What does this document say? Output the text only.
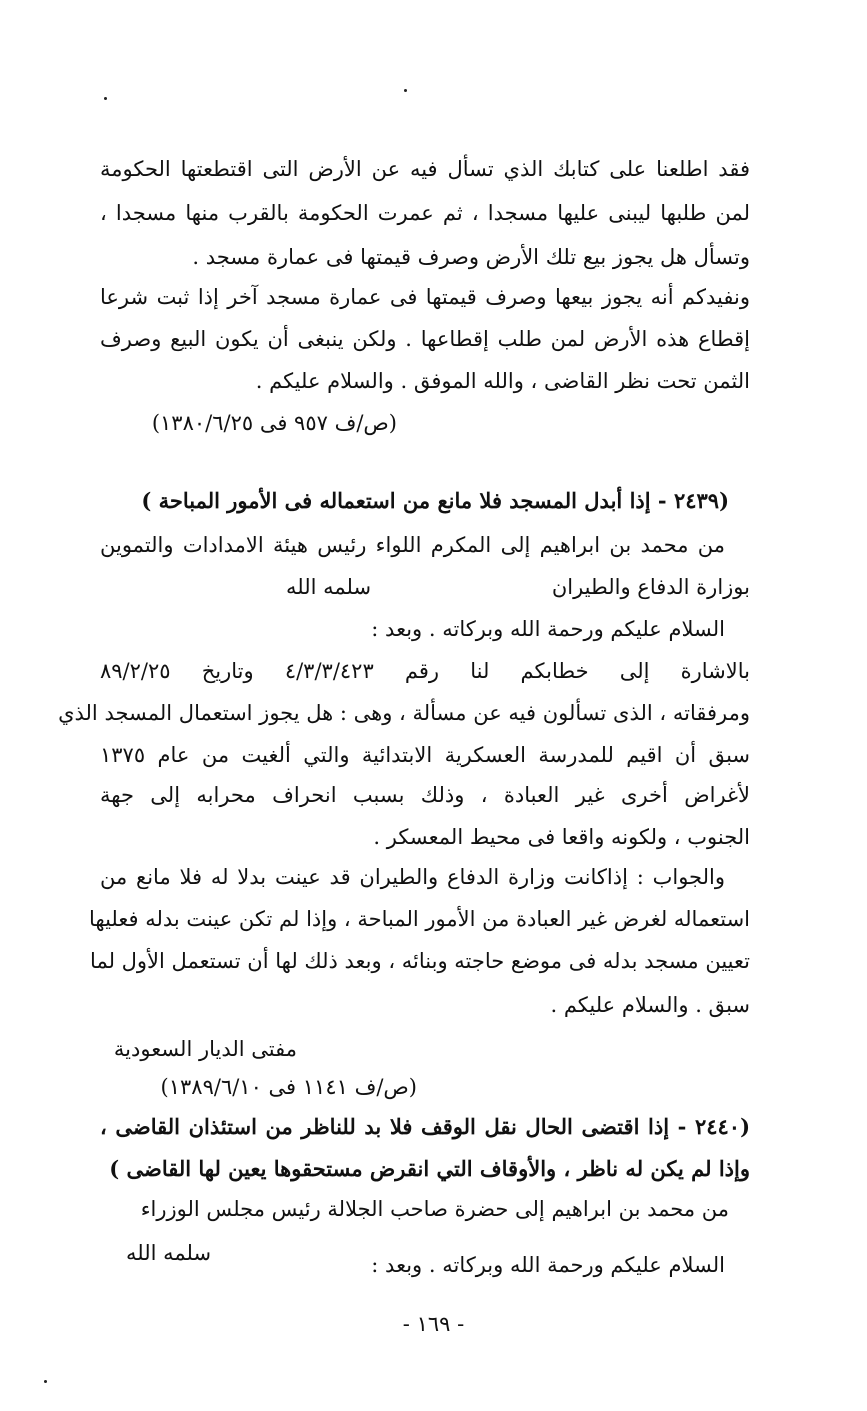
فقد اطلعنا على كتابك الذي تسأل فيه عن الأرض التى اقتطعتها الحكومة
لمن طلبها ليبنى عليها مسجدا ، ثم عمرت الحكومة بالقرب منها مسجدا ،
وتسأل هل يجوز بيع تلك الأرض وصرف قيمتها فى عمارة مسجد .
ونفيدكم أنه يجوز بيعها وصرف قيمتها فى عمارة مسجد آخر إذا ثبت شرعا
إقطاع هذه الأرض لمن طلب إقطاعها . ولكن ينبغى أن يكون البيع وصرف
الثمن تحت نظر القاضى ، والله الموفق . والسلام عليكم .
(ص/ف ٩٥٧ فى ١٣٨٠/٦/٢٥)
(٢٤٣٩ - إذا أبدل المسجد فلا مانع من استعماله فى الأمور المباحة )
من محمد بن ابراهيم إلى المكرم اللواء رئيس هيئة الامدادات والتموين
بوزارة الدفاع والطيران
سلمه الله
السلام عليكم ورحمة الله وبركاته . وبعد :
بالاشارة إلى خطابكم لنا رقم ٤/٣/٣/٤٢٣ وتاريخ ٨٩/٢/٢٥
ومرفقاته ، الذى تسألون فيه عن مسألة ، وهى : هل يجوز استعمال المسجد الذي
سبق أن اقيم للمدرسة العسكرية الابتدائية والتي ألغيت من عام ١٣٧٥
لأغراض أخرى غير العبادة ، وذلك بسبب انحراف محرابه إلى جهة
الجنوب ، ولكونه واقعا فى محيط المعسكر .
والجواب : إذاكانت وزارة الدفاع والطيران قد عينت بدلا له فلا مانع من
استعماله لغرض غير العبادة من الأمور المباحة ، وإذا لم تكن عينت بدله فعليها
تعيين مسجد بدله فى موضع حاجته وبنائه ، وبعد ذلك لها أن تستعمل الأول لما
سبق . والسلام عليكم .
مفتى الديار السعودية
(ص/ف ١١٤١ فى ١٣٨٩/٦/١٠)
(٢٤٤٠ - إذا اقتضى الحال نقل الوقف فلا بد للناظر من استئذان القاضى ،
وإذا لم يكن له ناظر ، والأوقاف التي انقرض مستحقوها يعين لها القاضى )
من محمد بن ابراهيم إلى حضرة صاحب الجلالة رئيس مجلس الوزراء
سلمه الله	السلام عليكم ورحمة الله وبركاته . وبعد :
- ١٦٩ -
